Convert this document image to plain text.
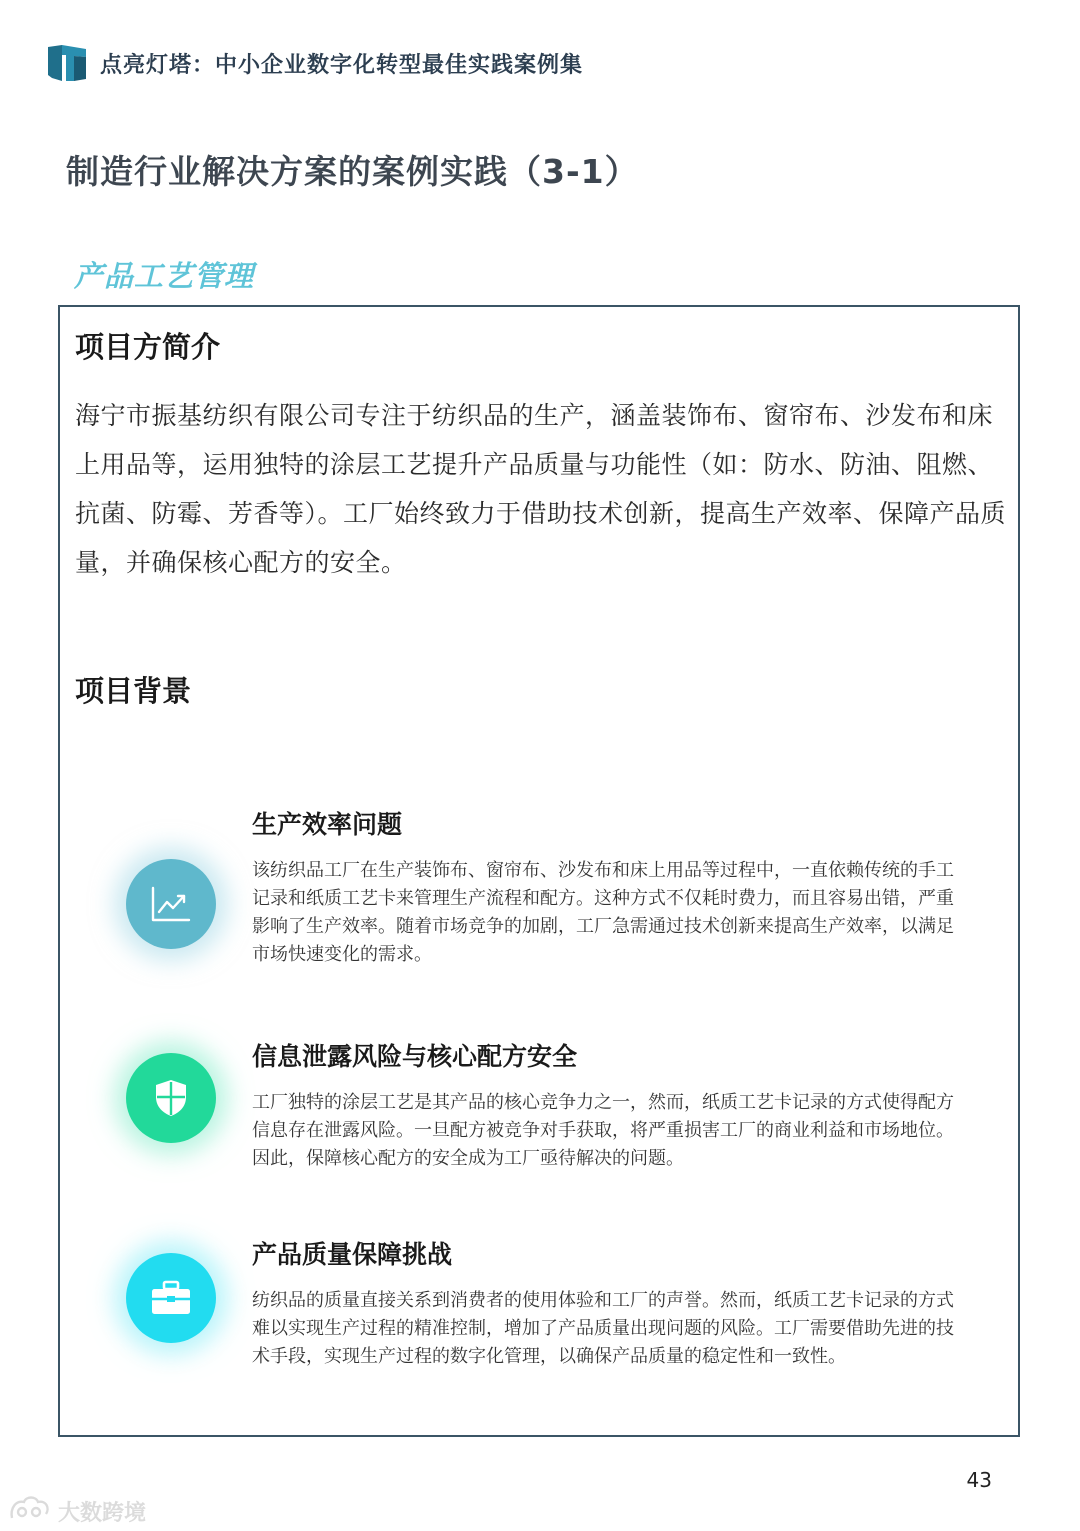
点亮灯塔：中小企业数字化转型最佳实践案例集
制造行业解决方案的案例实践（3-1）
产品工艺管理
项目方简介
海宁市振基纺织有限公司专注于纺织品的生产，涵盖装饰布、窗帘布、沙发布和床上用品等，运用独特的涂层工艺提升产品质量与功能性（如：防水、防油、阻燃、抗菌、防霉、芳香等）。工厂始终致力于借助技术创新，提高生产效率、保障产品质量，并确保核心配方的安全。
项目背景
生产效率问题
该纺织品工厂在生产装饰布、窗帘布、沙发布和床上用品等过程中，一直依赖传统的手工记录和纸质工艺卡来管理生产流程和配方。这种方式不仅耗时费力，而且容易出错，严重影响了生产效率。随着市场竞争的加剧，工厂急需通过技术创新来提高生产效率，以满足市场快速变化的需求。
信息泄露风险与核心配方安全
工厂独特的涂层工艺是其产品的核心竞争力之一，然而，纸质工艺卡记录的方式使得配方信息存在泄露风险。一旦配方被竞争对手获取，将严重损害工厂的商业利益和市场地位。因此，保障核心配方的安全成为工厂亟待解决的问题。
产品质量保障挑战
纺织品的质量直接关系到消费者的使用体验和工厂的声誉。然而，纸质工艺卡记录的方式难以实现生产过程的精准控制，增加了产品质量出现问题的风险。工厂需要借助先进的技术手段，实现生产过程的数字化管理，以确保产品质量的稳定性和一致性。
43
大数跨境
